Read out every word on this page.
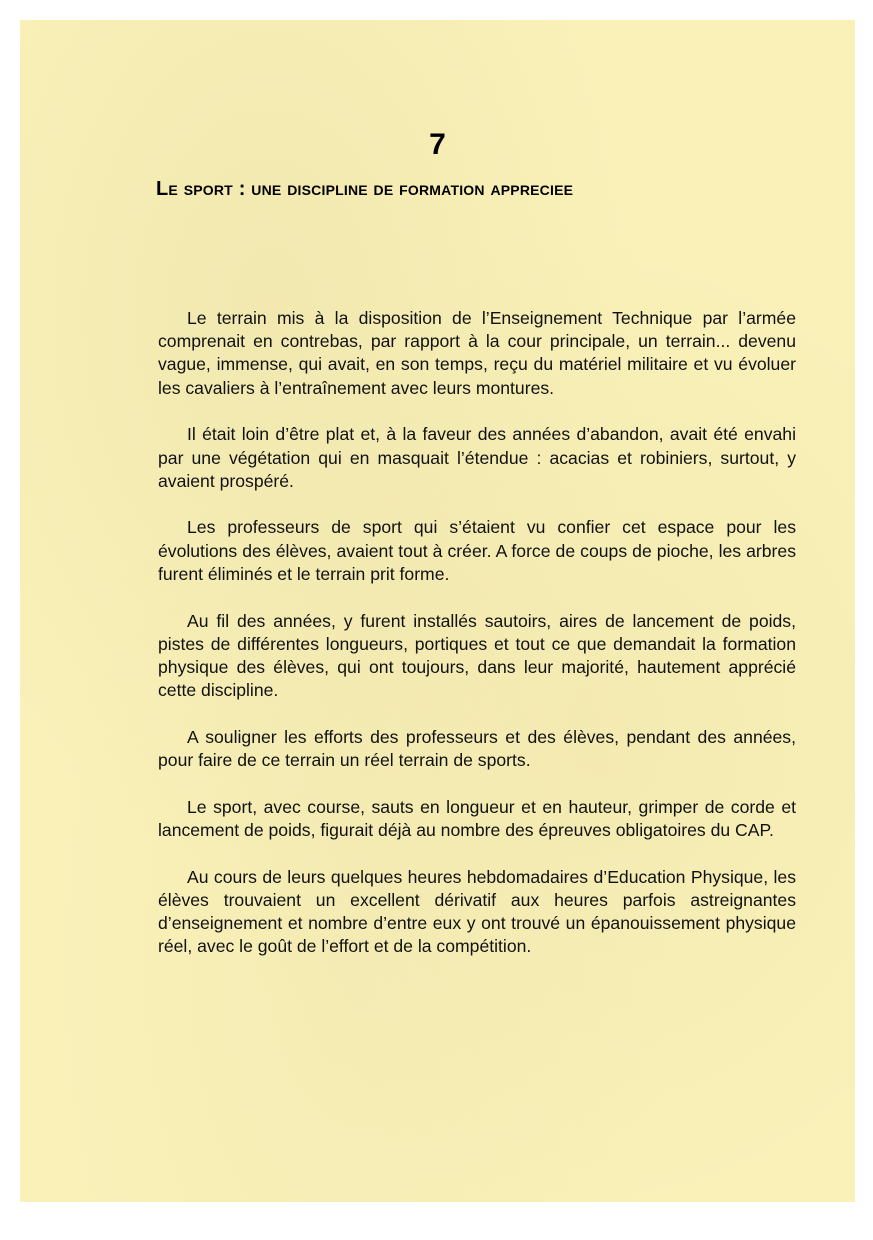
7
Le sport : une discipline de formation appreciee

Le terrain mis à la disposition de l’Enseignement Technique par l’armée comprenait en contrebas, par rapport à la cour principale, un terrain... devenu vague, immense, qui avait, en son temps, reçu du matériel militaire et vu évoluer les cavaliers à l’entraînement avec leurs montures.

Il était loin d’être plat et, à la faveur des années d’abandon, avait été envahi par une végétation qui en masquait l’étendue : acacias et robiniers, surtout, y avaient prospéré.

Les professeurs de sport qui s’étaient vu confier cet espace pour les évolutions des élèves, avaient tout à créer. A force de coups de pioche, les arbres furent éliminés et le terrain prit forme.

Au fil des années, y furent installés sautoirs, aires de lancement de poids, pistes de différentes longueurs, portiques et tout ce que demandait la formation physique des élèves, qui ont toujours, dans leur majorité, hautement apprécié cette discipline.

A souligner les efforts des professeurs et des élèves, pendant des années, pour faire de ce terrain un réel terrain de sports.

Le sport, avec course, sauts en longueur et en hauteur, grimper de corde et lancement de poids, figurait déjà au nombre des épreuves obligatoires du CAP.

Au cours de leurs quelques heures hebdomadaires d’Education Physique, les élèves trouvaient un excellent dérivatif aux heures parfois astreignantes d’enseignement et nombre d’entre eux y ont trouvé un épanouissement physique réel, avec le goût de l’effort et de la compétition.
